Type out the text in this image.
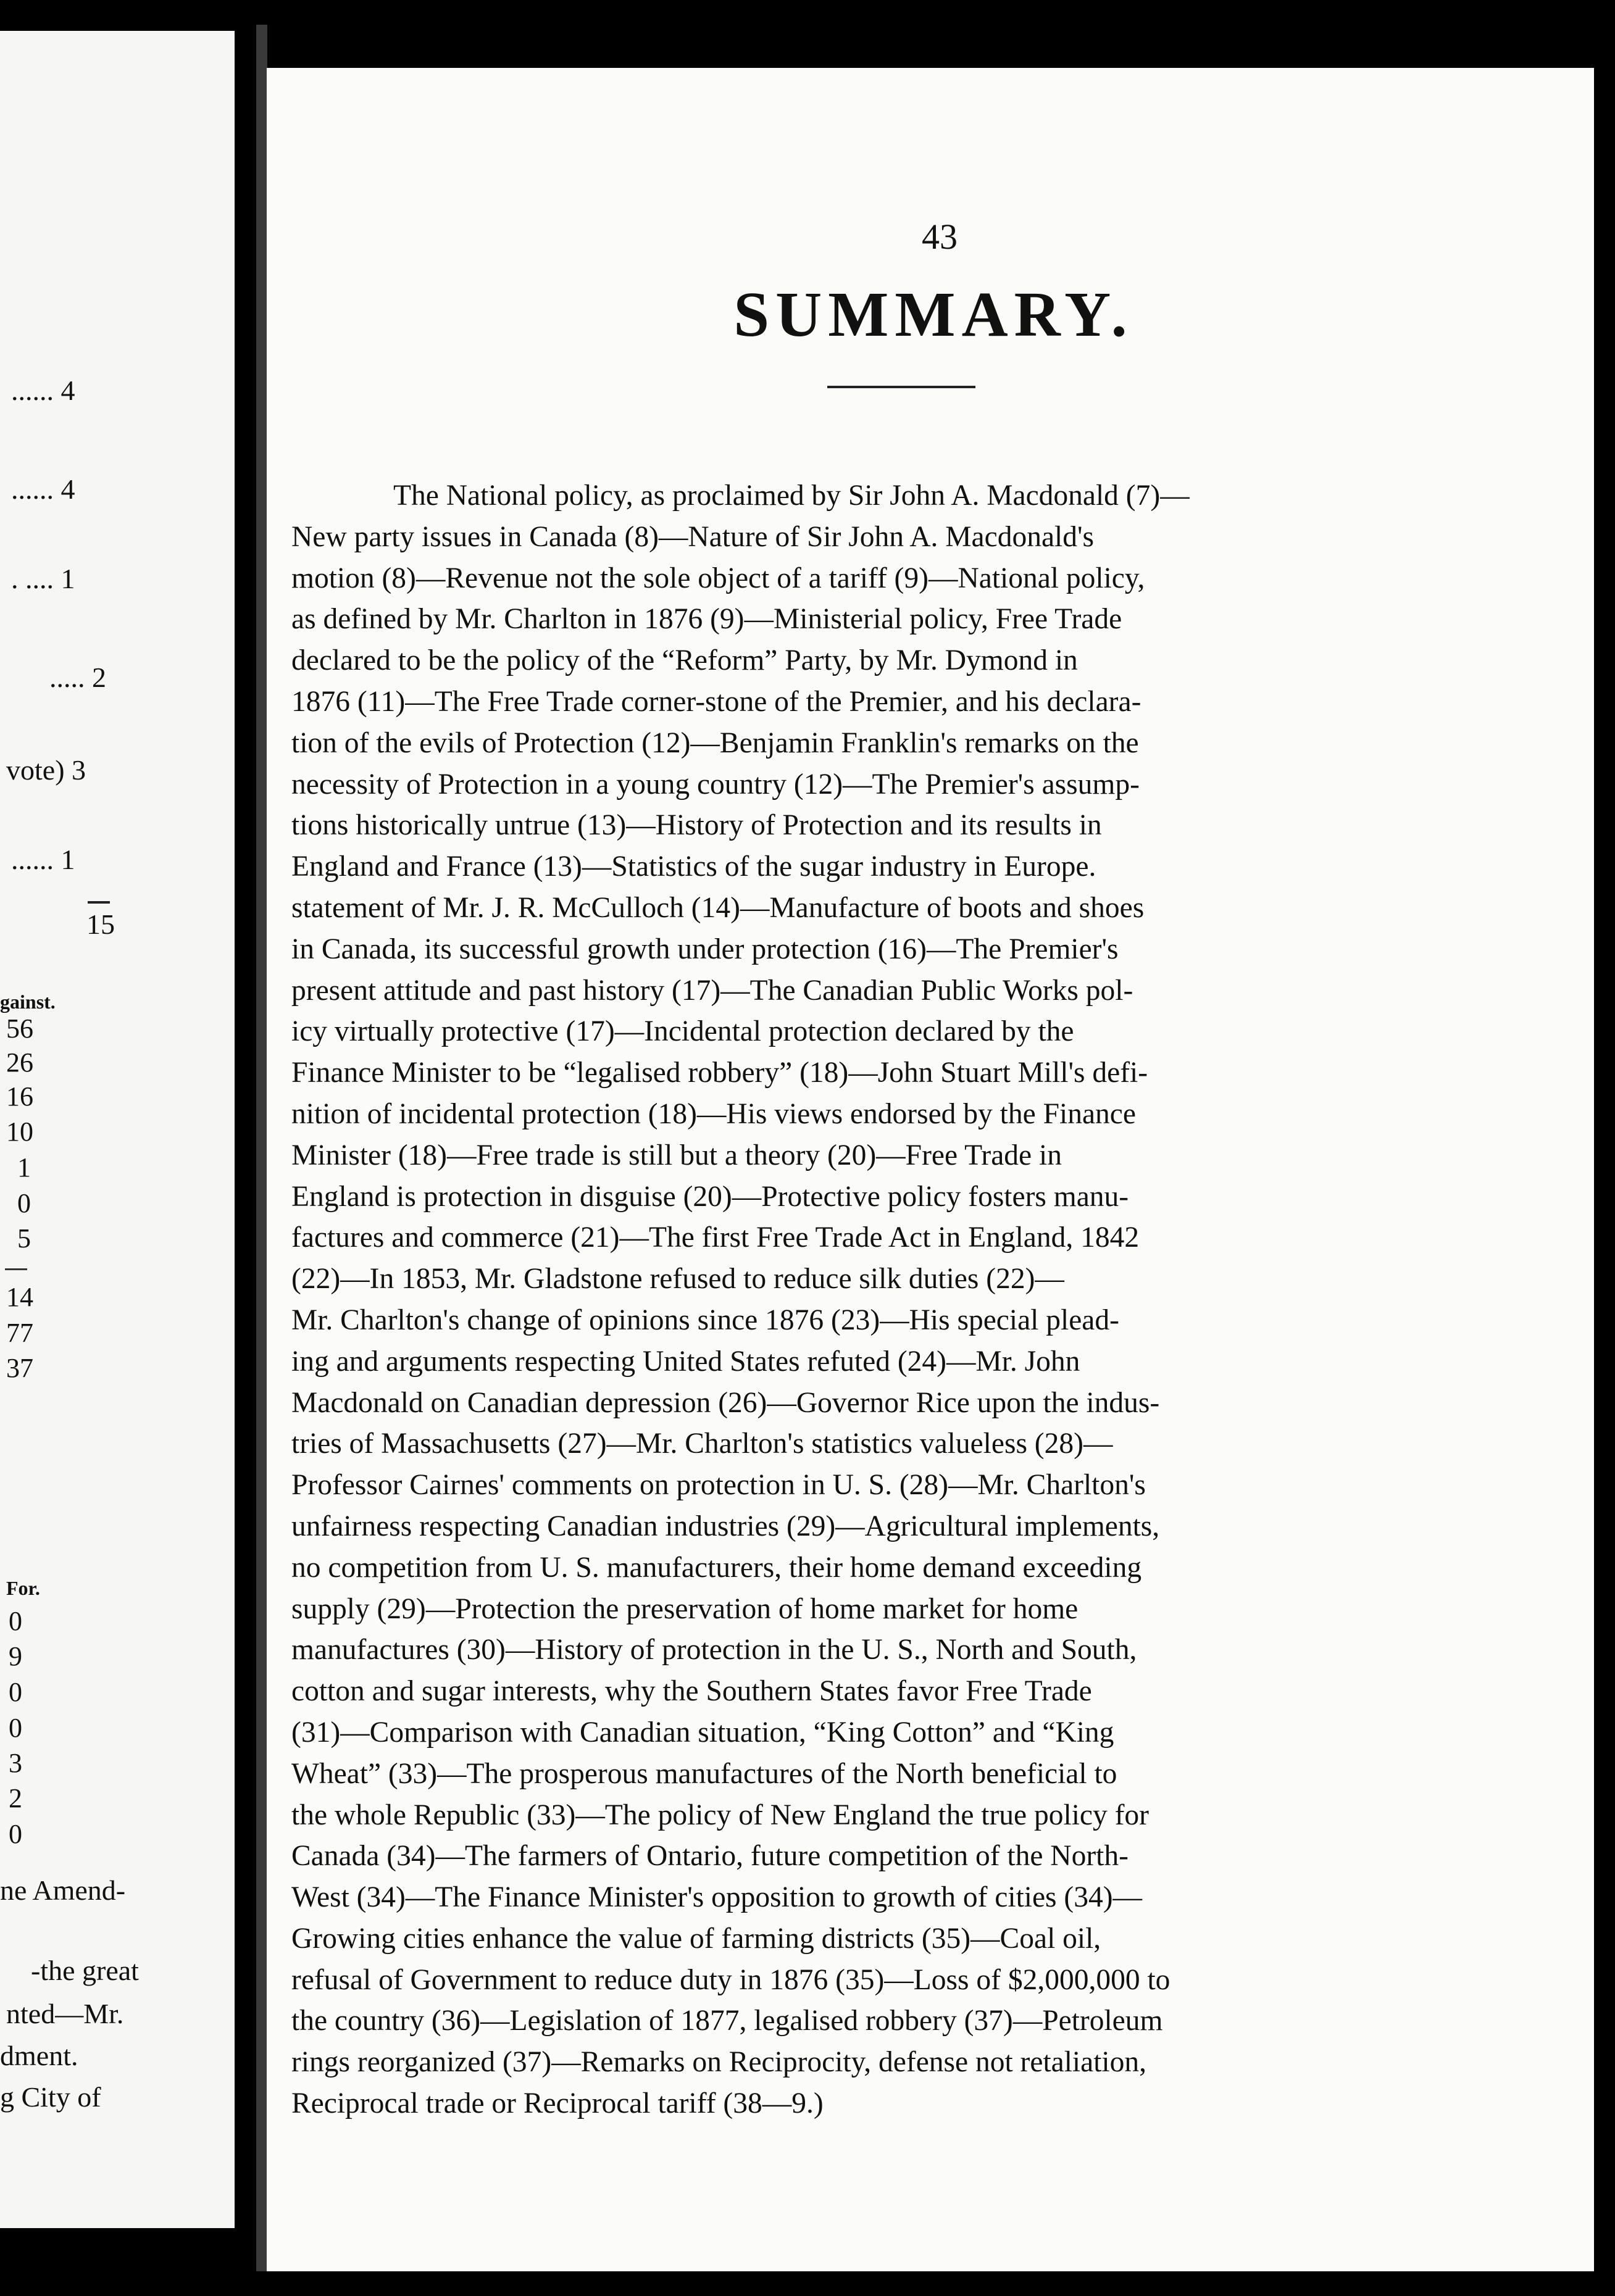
...... 4
...... 4
. .... 1
..... 2
vote) 3
...... 1
15
gainst.
56
26
16
10
1
0
5
14
77
37
For.
0
9
0
0
3
2
0
ne Amend-
-the great
nted—Mr.
dment.
g City of
43
SUMMARY.
The National policy, as proclaimed by Sir John A. Macdonald (7)—
New party issues in Canada (8)—Nature of Sir John A. Macdonald's
motion (8)—Revenue not the sole object of a tariff (9)—National policy,
as defined by Mr. Charlton in 1876 (9)—Ministerial policy, Free Trade
declared to be the policy of the “Reform” Party, by Mr. Dymond in
1876 (11)—The Free Trade corner-stone of the Premier, and his declara-
tion of the evils of Protection (12)—Benjamin Franklin's remarks on the
necessity of Protection in a young country (12)—The Premier's assump-
tions historically untrue (13)—History of Protection and its results in
England and France (13)—Statistics of the sugar industry in Europe.
statement of Mr. J. R. McCulloch (14)—Manufacture of boots and shoes
in Canada, its successful growth under protection (16)—The Premier's
present attitude and past history (17)—The Canadian Public Works pol-
icy virtually protective (17)—Incidental protection declared by the
Finance Minister to be “legalised robbery” (18)—John Stuart Mill's defi-
nition of incidental protection (18)—His views endorsed by the Finance
Minister (18)—Free trade is still but a theory (20)—Free Trade in
England is protection in disguise (20)—Protective policy fosters manu-
factures and commerce (21)—The first Free Trade Act in England, 1842
(22)—In 1853, Mr. Gladstone refused to reduce silk duties (22)—
Mr. Charlton's change of opinions since 1876 (23)—His special plead-
ing and arguments respecting United States refuted (24)—Mr. John
Macdonald on Canadian depression (26)—Governor Rice upon the indus-
tries of Massachusetts (27)—Mr. Charlton's statistics valueless (28)—
Professor Cairnes' comments on protection in U. S. (28)—Mr. Charlton's
unfairness respecting Canadian industries (29)—Agricultural implements,
no competition from U. S. manufacturers, their home demand exceeding
supply (29)—Protection the preservation of home market for home
manufactures (30)—History of protection in the U. S., North and South,
cotton and sugar interests, why the Southern States favor Free Trade
(31)—Comparison with Canadian situation, “King Cotton” and “King
Wheat” (33)—The prosperous manufactures of the North beneficial to
the whole Republic (33)—The policy of New England the true policy for
Canada (34)—The farmers of Ontario, future competition of the North-
West (34)—The Finance Minister's opposition to growth of cities (34)—
Growing cities enhance the value of farming districts (35)—Coal oil,
refusal of Government to reduce duty in 1876 (35)—Loss of $2,000,000 to
the country (36)—Legislation of 1877, legalised robbery (37)—Petroleum
rings reorganized (37)—Remarks on Reciprocity, defense not retaliation,
Reciprocal trade or Reciprocal tariff (38—9.)
